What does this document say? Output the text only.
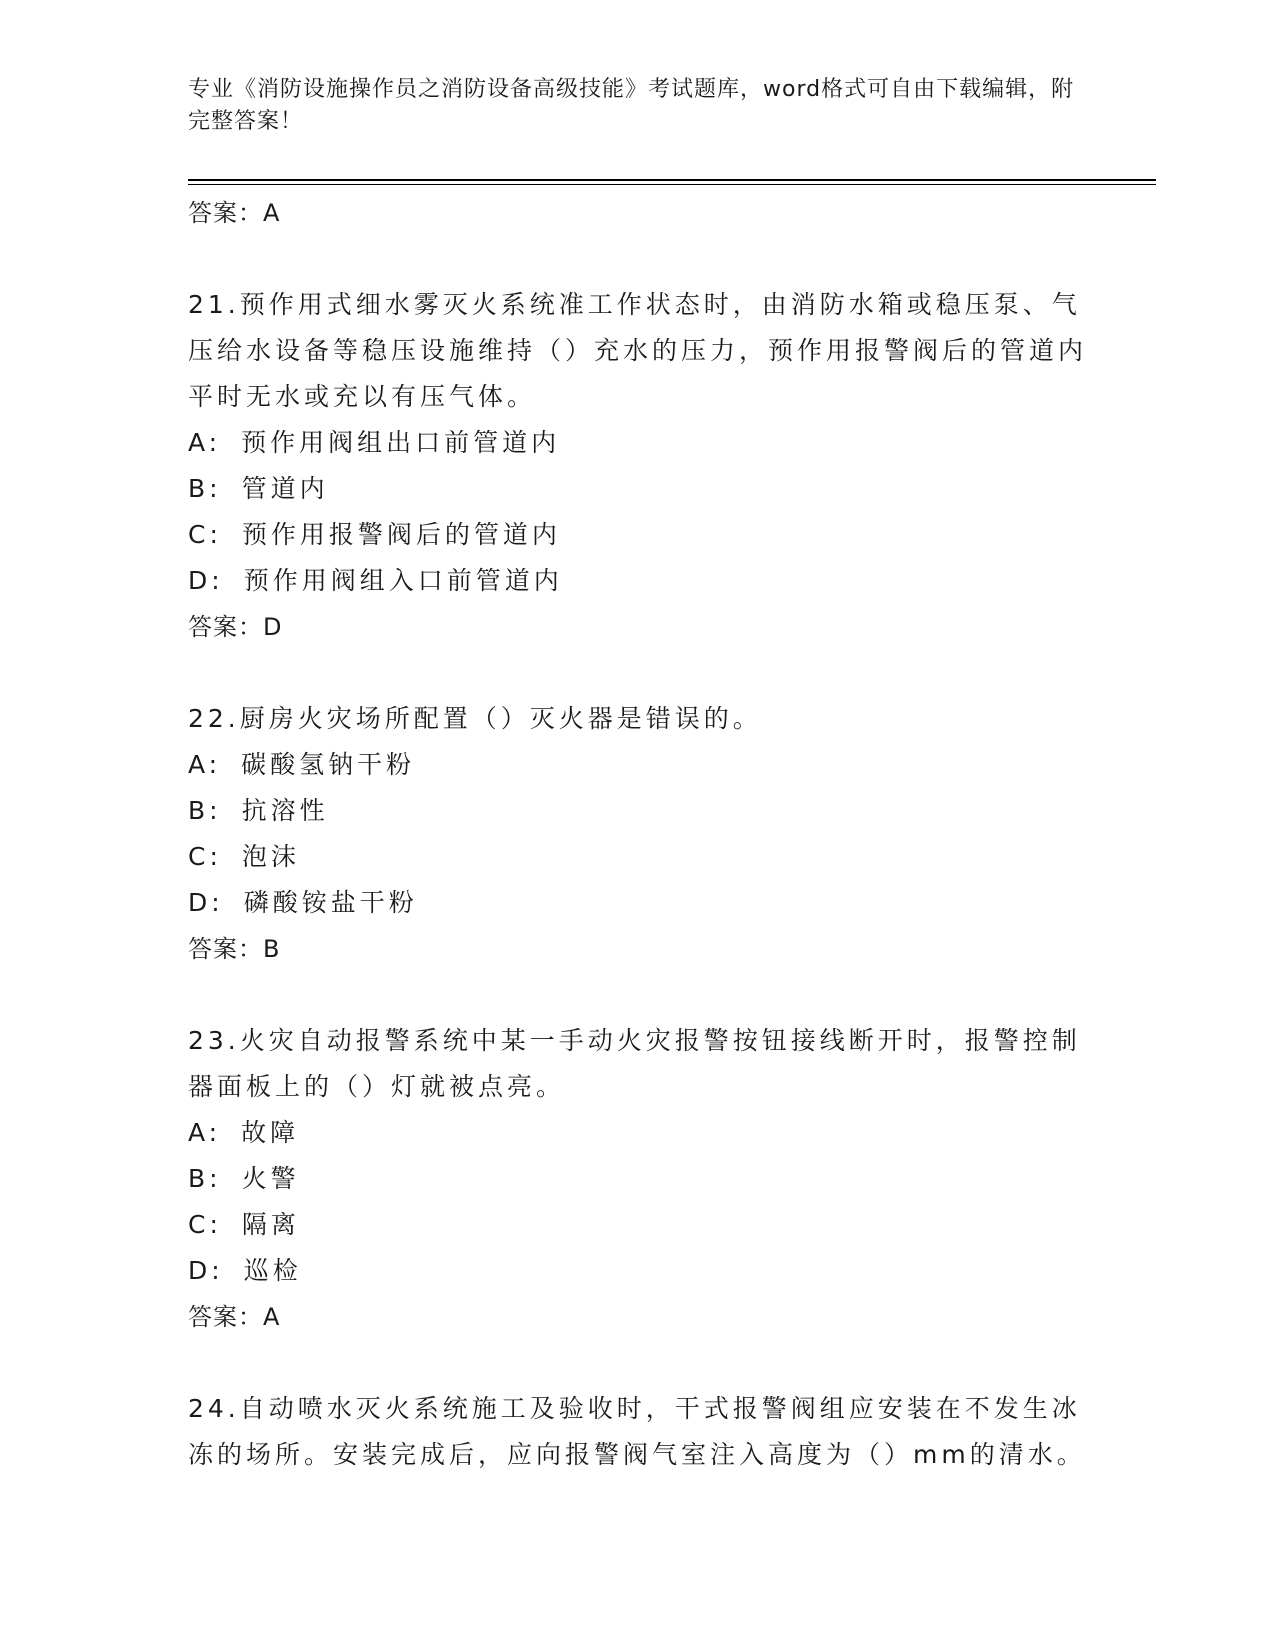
专业《消防设施操作员之消防设备高级技能》考试题库，word格式可自由下载编辑，附完整答案！
答案：A
21.预作用式细水雾灭火系统准工作状态时，由消防水箱或稳压泵、气压给水设备等稳压设施维持（）充水的压力，预作用报警阀后的管道内平时无水或充以有压气体。
A: 预作用阀组出口前管道内
B: 管道内
C: 预作用报警阀后的管道内
D: 预作用阀组入口前管道内
答案：D
22.厨房火灾场所配置（）灭火器是错误的。
A: 碳酸氢钠干粉
B: 抗溶性
C: 泡沫
D: 磷酸铵盐干粉
答案：B
23.火灾自动报警系统中某一手动火灾报警按钮接线断开时，报警控制器面板上的（）灯就被点亮。
A: 故障
B: 火警
C: 隔离
D: 巡检
答案：A
24.自动喷水灭火系统施工及验收时，干式报警阀组应安装在不发生冰冻的场所。安装完成后，应向报警阀气室注入高度为（）mm的清水。
